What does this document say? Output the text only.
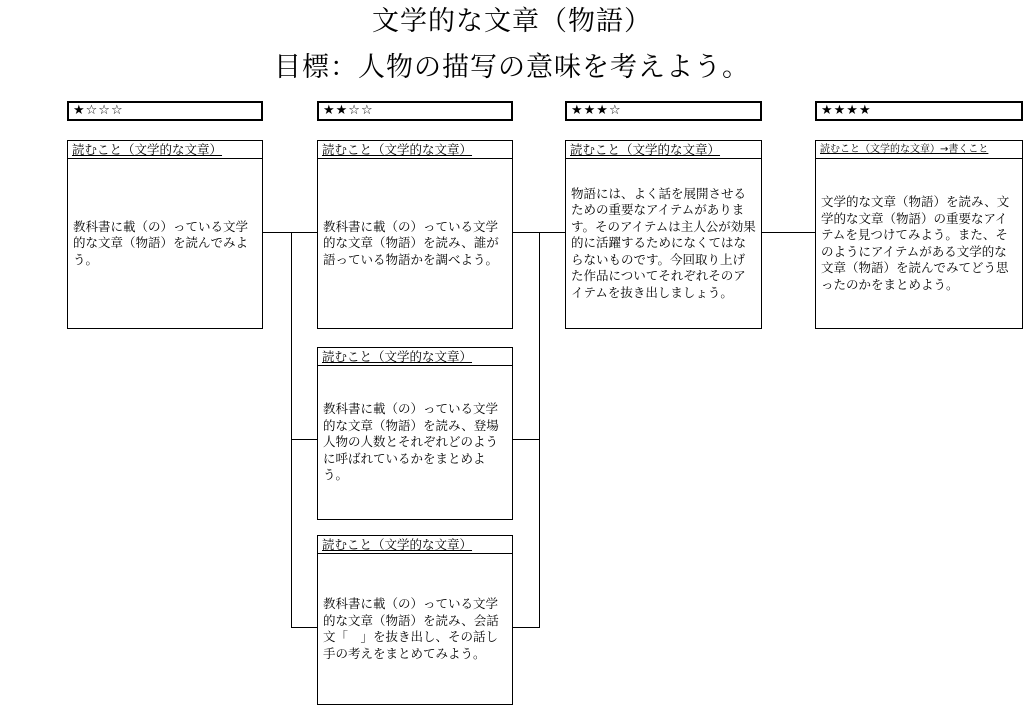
文学的な文章（物語）
目標：人物の描写の意味を考えよう。
★☆☆☆	★★☆☆	★★★☆	★★★★
読むこと（文学的な文章）
教科書に載（の）っている文学的な文章（物語）を読んでみよう。
読むこと（文学的な文章）
教科書に載（の）っている文学的な文章（物語）を読み、誰が語っている物語かを調べよう。
読むこと（文学的な文章）
教科書に載（の）っている文学的な文章（物語）を読み、登場人物の人数とそれぞれどのように呼ばれているかをまとめよう。
読むこと（文学的な文章）
教科書に載（の）っている文学的な文章（物語）を読み、会話文「　」を抜き出し、その話し手の考えをまとめてみよう。
読むこと（文学的な文章）
物語には、よく話を展開させるための重要なアイテムがあります。そのアイテムは主人公が効果的に活躍するためになくてはならないものです。今回取り上げた作品についてそれぞれそのアイテムを抜き出しましょう。
読むこと（文学的な文章）→書くこと
文学的な文章（物語）を読み、文学的な文章（物語）の重要なアイテムを見つけてみよう。また、そのようにアイテムがある文学的な文章（物語）を読んでみてどう思ったのかをまとめよう。
